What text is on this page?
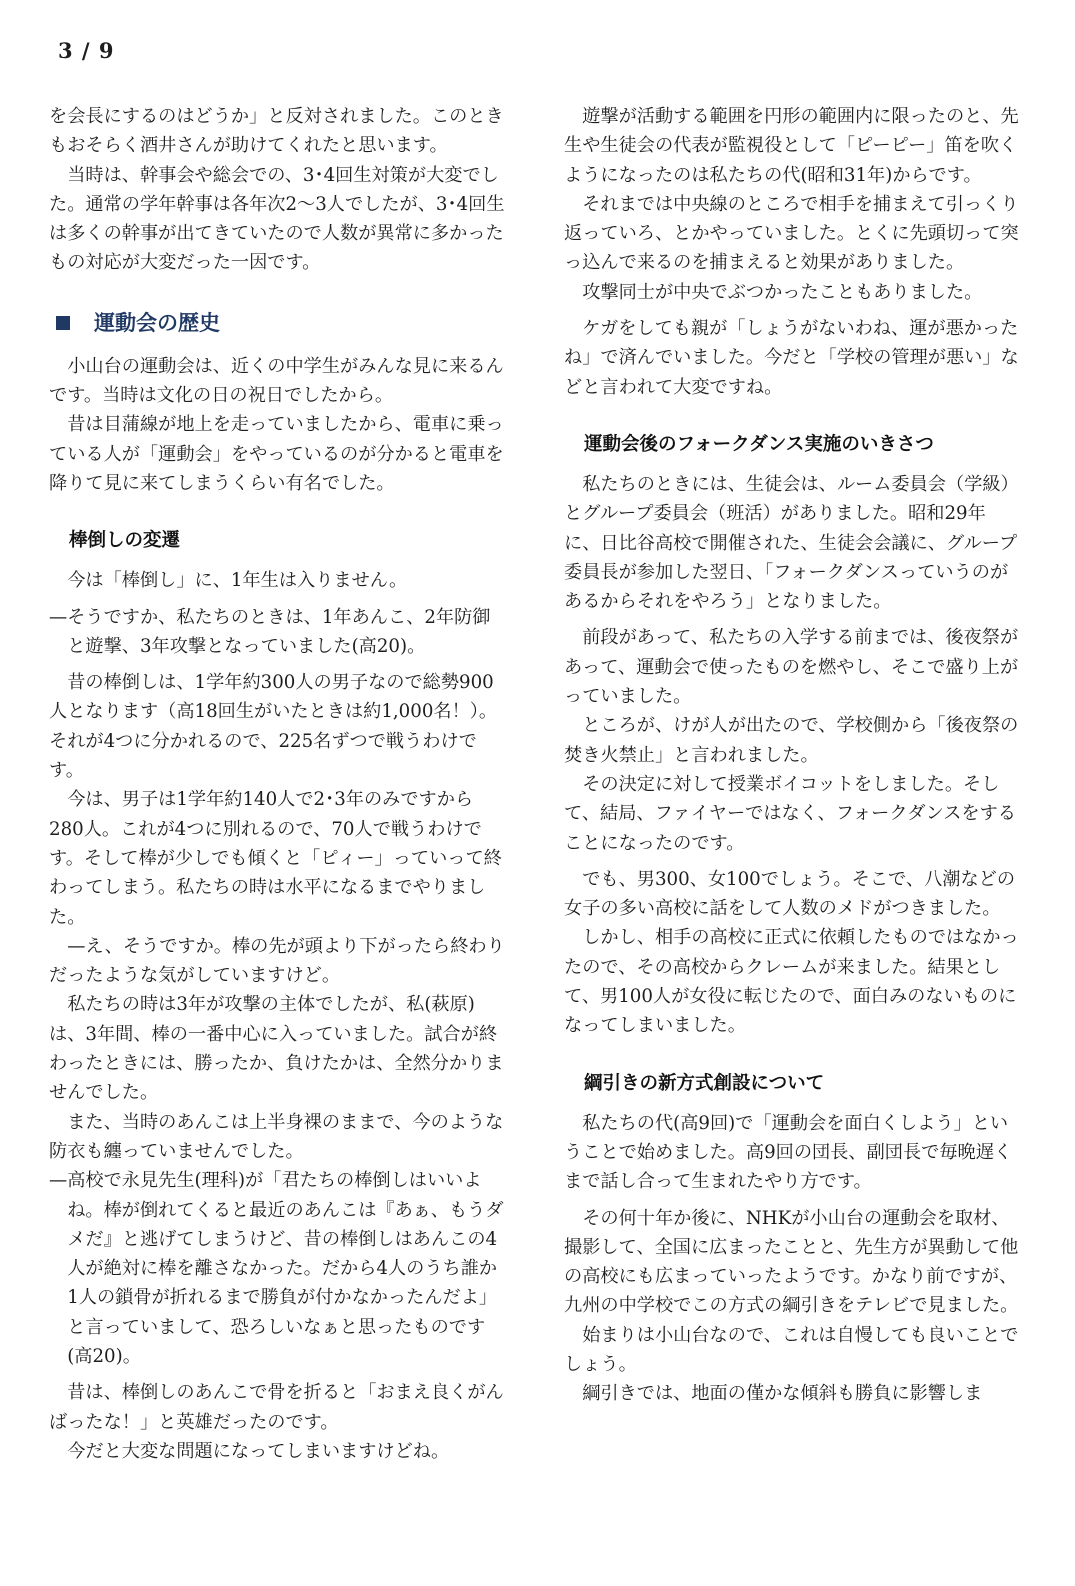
3 / 9

を会長にするのはどうか」と反対されました。このときもおそらく酒井さんが助けてくれたと思います。

当時は、幹事会や総会での、3･4回生対策が大変でした。通常の学年幹事は各年次2〜3人でしたが、3･4回生は多くの幹事が出てきていたので人数が異常に多かったもの対応が大変だった一因です。

運動会の歴史

小山台の運動会は、近くの中学生がみんな見に来るんです。当時は文化の日の祝日でしたから。

昔は目蒲線が地上を走っていましたから、電車に乗っている人が「運動会」をやっているのが分かると電車を降りて見に来てしまうくらい有名でした。

棒倒しの変遷

今は「棒倒し」に、1年生は入りません。

—そうですか、私たちのときは、1年あんこ、2年防御と遊撃、3年攻撃となっていました(高20)。

昔の棒倒しは、1学年約300人の男子なので総勢900人となります（高18回生がいたときは約1,000名！）。それが4つに分かれるので、225名ずつで戦うわけです。

今は、男子は1学年約140人で2･3年のみですから280人。これが4つに別れるので、70人で戦うわけです。そして棒が少しでも傾くと「ピィー」っていって終わってしまう。私たちの時は水平になるまでやりました。

—え、そうですか。棒の先が頭より下がったら終わりだったような気がしていますけど。

私たちの時は3年が攻撃の主体でしたが、私(萩原)は、3年間、棒の一番中心に入っていました。試合が終わったときには、勝ったか、負けたかは、全然分かりませんでした。

また、当時のあんこは上半身裸のままで、今のような防衣も纏っていませんでした。

—高校で永見先生(理科)が「君たちの棒倒しはいいよね。棒が倒れてくると最近のあんこは『あぁ、もうダメだ』と逃げてしまうけど、昔の棒倒しはあんこの4人が絶対に棒を離さなかった。だから4人のうち誰か1人の鎖骨が折れるまで勝負が付かなかったんだよ」と言っていまして、恐ろしいなぁと思ったものです(高20)。

昔は、棒倒しのあんこで骨を折ると「おまえ良くがんばったな！」と英雄だったのです。

今だと大変な問題になってしまいますけどね。

遊撃が活動する範囲を円形の範囲内に限ったのと、先生や生徒会の代表が監視役として「ピーピー」笛を吹くようになったのは私たちの代(昭和31年)からです。

それまでは中央線のところで相手を捕まえて引っくり返っていろ、とかやっていました。とくに先頭切って突っ込んで来るのを捕まえると効果がありました。

攻撃同士が中央でぶつかったこともありました。

ケガをしても親が「しょうがないわね、運が悪かったね」で済んでいました。今だと「学校の管理が悪い」などと言われて大変ですね。

運動会後のフォークダンス実施のいきさつ

私たちのときには、生徒会は、ルーム委員会（学級）とグループ委員会（班活）がありました。昭和29年に、日比谷高校で開催された、生徒会会議に、グループ委員長が参加した翌日、「フォークダンスっていうのがあるからそれをやろう」となりました。

前段があって、私たちの入学する前までは、後夜祭があって、運動会で使ったものを燃やし、そこで盛り上がっていました。

ところが、けが人が出たので、学校側から「後夜祭の焚き火禁止」と言われました。

その決定に対して授業ボイコットをしました。そして、結局、ファイヤーではなく、フォークダンスをすることになったのです。

でも、男300、女100でしょう。そこで、八潮などの女子の多い高校に話をして人数のメドがつきました。

しかし、相手の高校に正式に依頼したものではなかったので、その高校からクレームが来ました。結果として、男100人が女役に転じたので、面白みのないものになってしまいました。

綱引きの新方式創設について

私たちの代(高9回)で「運動会を面白くしよう」ということで始めました。高9回の団長、副団長で毎晩遅くまで話し合って生まれたやり方です。

その何十年か後に、NHKが小山台の運動会を取材、撮影して、全国に広まったことと、先生方が異動して他の高校にも広まっていったようです。かなり前ですが、九州の中学校でこの方式の綱引きをテレビで見ました。

始まりは小山台なので、これは自慢しても良いことでしょう。

綱引きでは、地面の僅かな傾斜も勝負に影響しま
